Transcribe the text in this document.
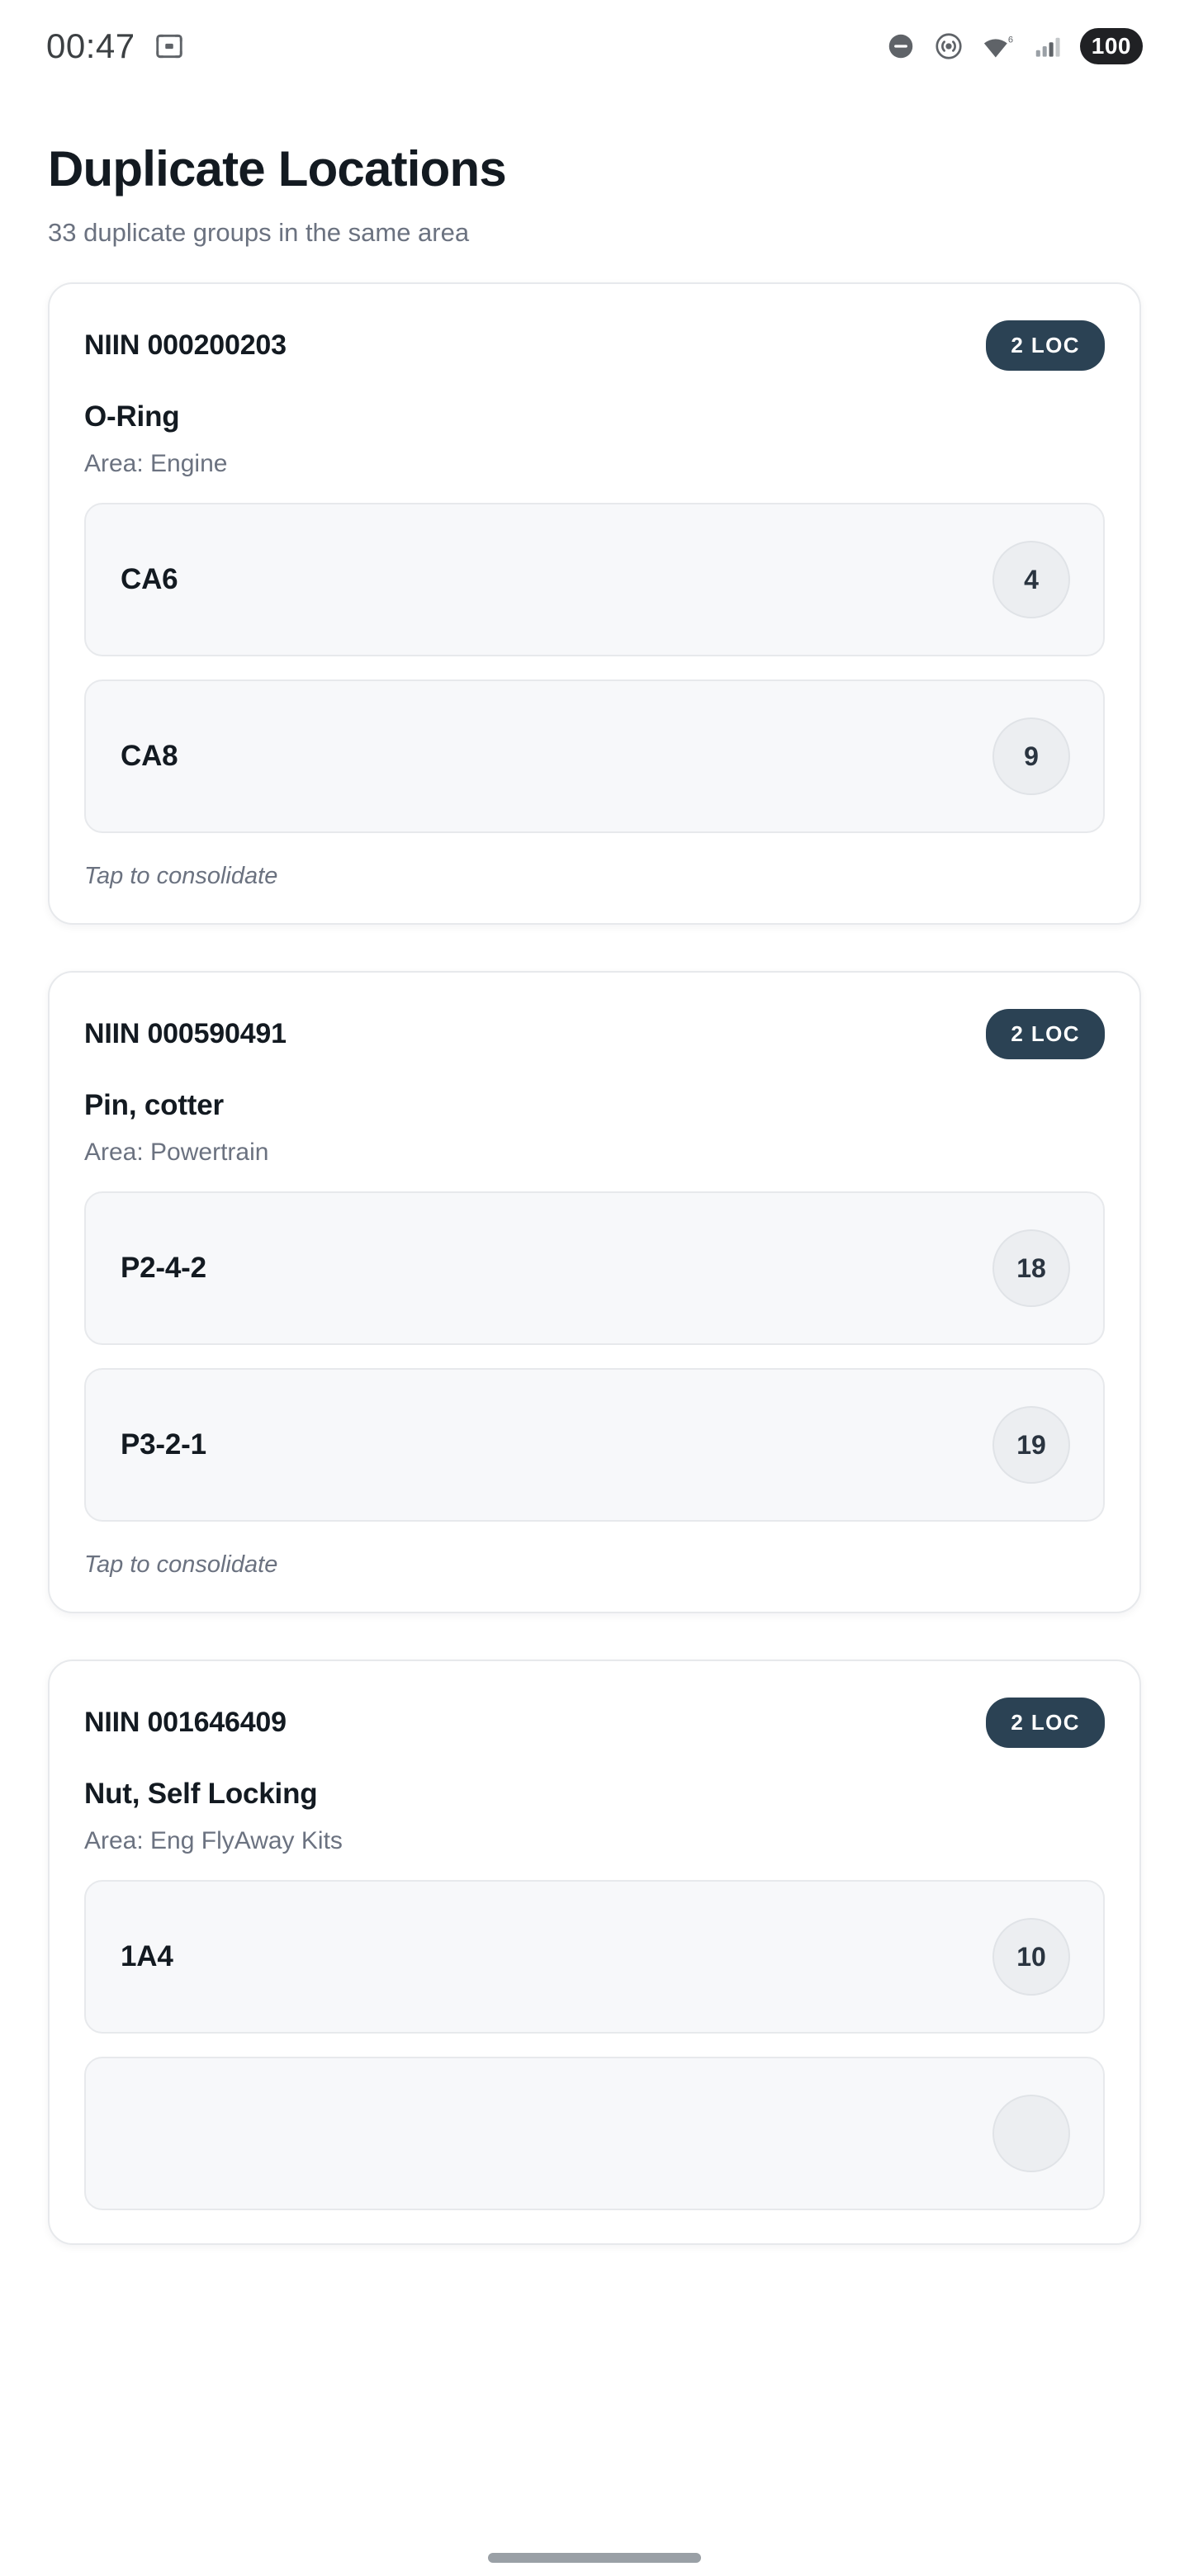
00:47	6	100
Duplicate Locations
33 duplicate groups in the same area
NIIN 000200203	2 LOC
O-Ring
Area: Engine
CA6	4
CA8	9
Tap to consolidate
NIIN 000590491	2 LOC
Pin, cotter
Area: Powertrain
P2-4-2	18
P3-2-1	19
Tap to consolidate
NIIN 001646409	2 LOC
Nut, Self Locking
Area: Eng FlyAway Kits
1A4	10
